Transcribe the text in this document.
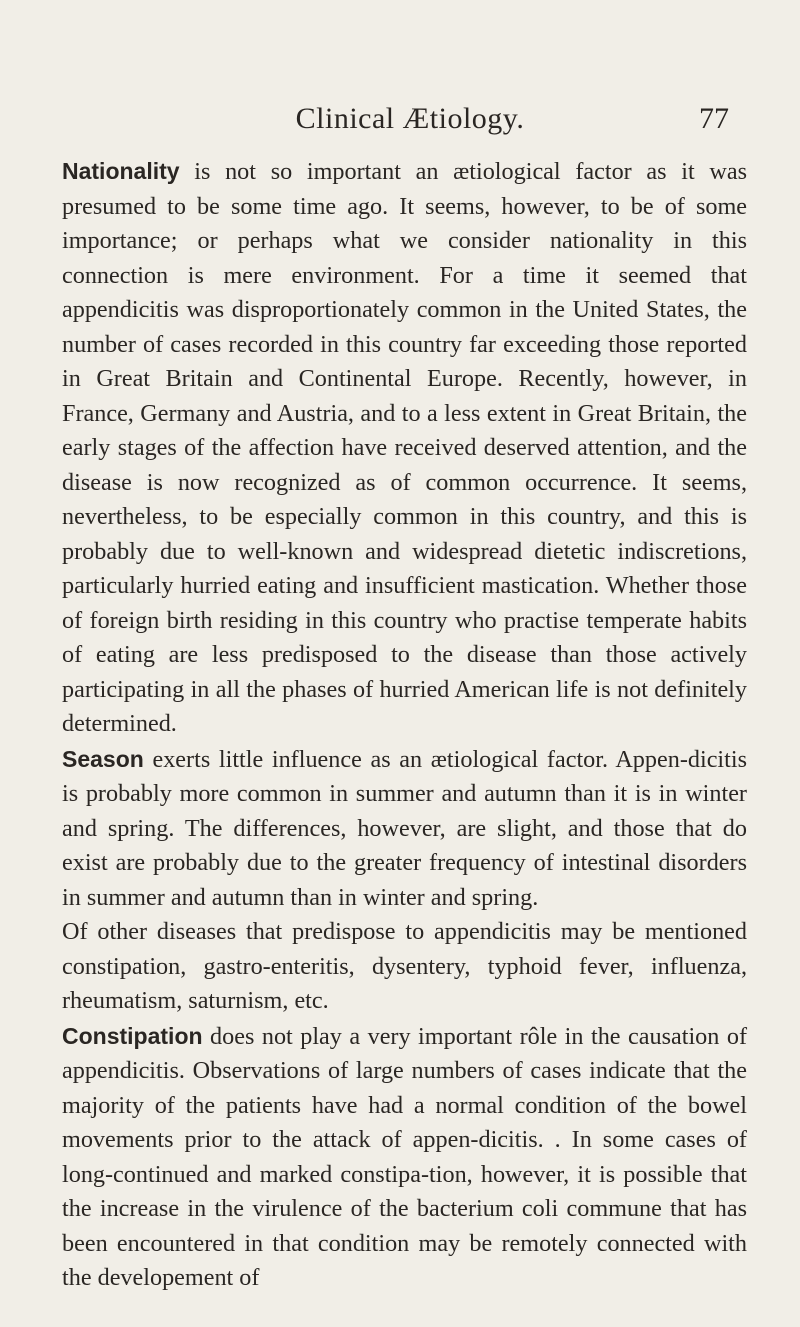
Clinical Ætiology.	77

Nationality is not so important an ætiological factor as it was presumed to be some time ago. It seems, however, to be of some importance; or perhaps what we consider nationality in this connection is mere environment. For a time it seemed that appendicitis was disproportionately common in the United States, the number of cases recorded in this country far exceeding those reported in Great Britain and Continental Europe. Recently, however, in France, Germany and Austria, and to a less extent in Great Britain, the early stages of the affection have received deserved attention, and the disease is now recognized as of common occurrence. It seems, nevertheless, to be especially common in this country, and this is probably due to well-known and widespread dietetic indiscretions, particularly hurried eating and insufficient mastication. Whether those of foreign birth residing in this country who practise temperate habits of eating are less predisposed to the disease than those actively participating in all the phases of hurried American life is not definitely determined.

Season exerts little influence as an ætiological factor. Appen-dicitis is probably more common in summer and autumn than it is in winter and spring. The differences, however, are slight, and those that do exist are probably due to the greater frequency of intestinal disorders in summer and autumn than in winter and spring.

Of other diseases that predispose to appendicitis may be mentioned constipation, gastro-enteritis, dysentery, typhoid fever, influenza, rheumatism, saturnism, etc.

Constipation does not play a very important rôle in the causation of appendicitis. Observations of large numbers of cases indicate that the majority of the patients have had a normal condition of the bowel movements prior to the attack of appen-dicitis. . In some cases of long-continued and marked constipa-tion, however, it is possible that the increase in the virulence of the bacterium coli commune that has been encountered in that condition may be remotely connected with the developement of
